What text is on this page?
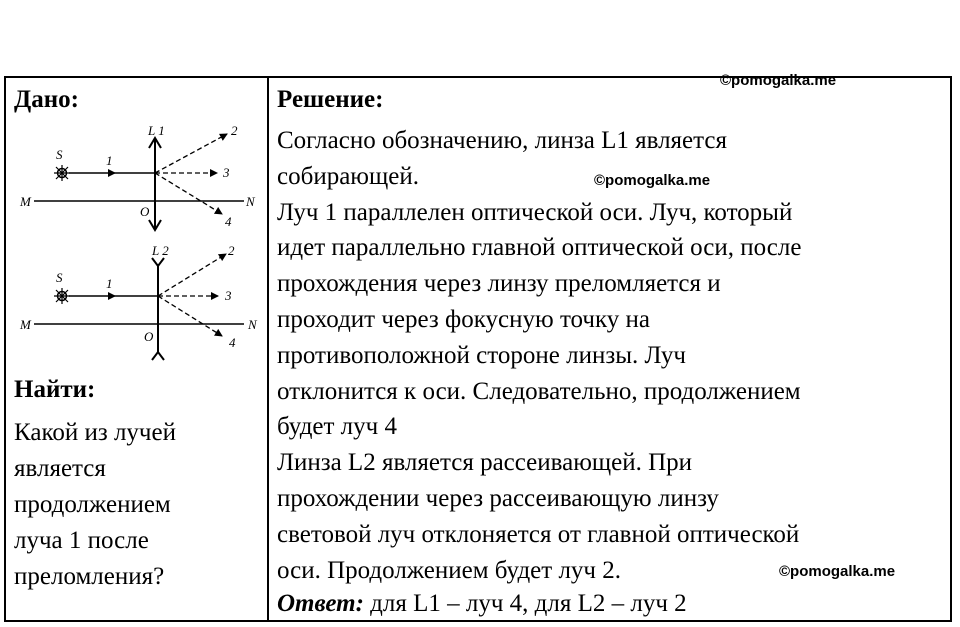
Дано:
L 1
S	1
2
3
4
M	N
O
L 2
S	1
2
3
4
M	N
O
Найти:
Какой из лучей
является
продолжением
луча 1 после
преломления?
Решение:
Согласно обозначению, линза L1 является
собирающей.
Луч 1 параллелен оптической оси. Луч, который
идет параллельно главной оптической оси, после
прохождения через линзу преломляется и
проходит через фокусную точку на
противоположной стороне линзы. Луч
отклонится к оси. Следовательно, продолжением
будет луч 4
Линза L2 является рассеивающей. При
прохождении через рассеивающую линзу
световой луч отклоняется от главной оптической
оси. Продолжением будет луч 2.
Ответ: для L1 – луч 4, для L2 – луч 2
©pomogalka.me
©pomogalka.me
©pomogalka.me
